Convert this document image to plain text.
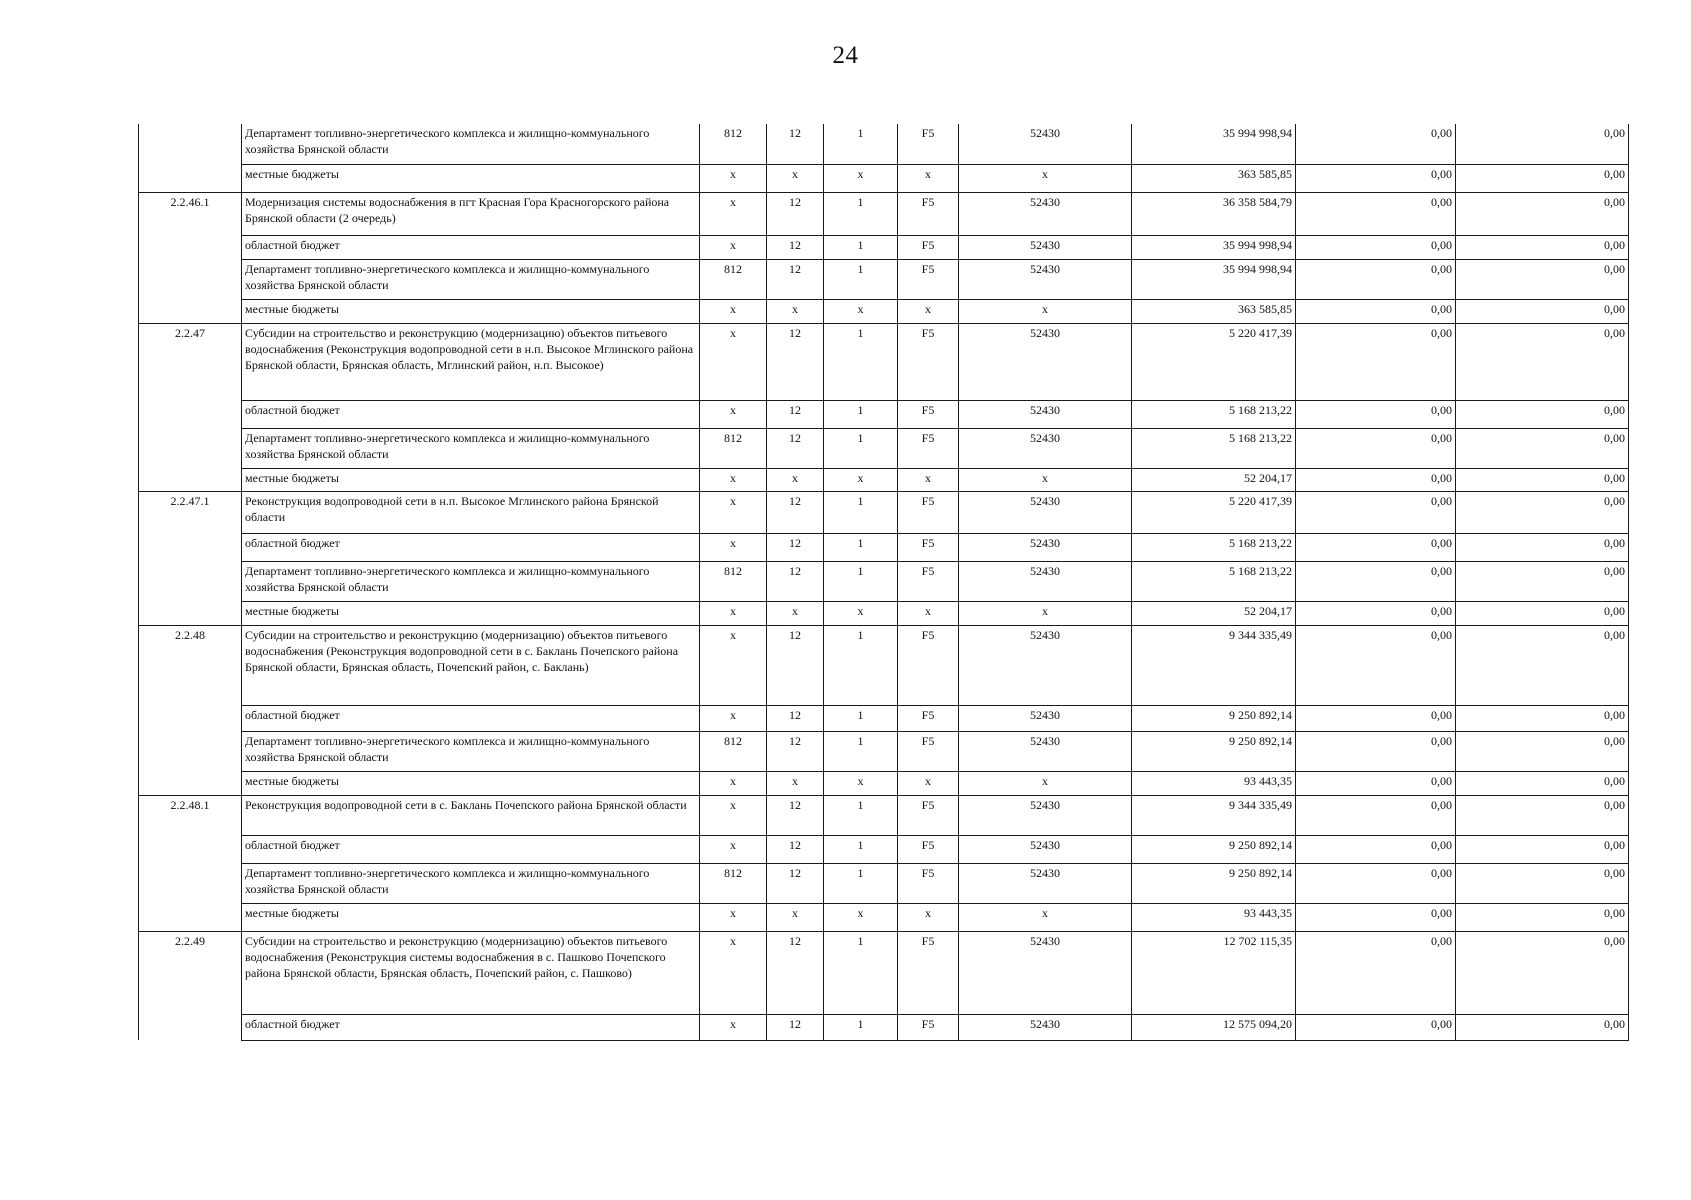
24
	Департамент топливно-энергетического комплекса и жилищно-коммунального хозяйства Брянской области	812	12	1	F5	52430	35 994 998,94	0,00	0,00
	местные бюджеты	х	х	х	х	х	363 585,85	0,00	0,00
2.2.46.1	Модернизация системы водоснабжения в пгт Красная Гора Красногорского района Брянской области (2 очередь)	х	12	1	F5	52430	36 358 584,79	0,00	0,00
	областной бюджет	х	12	1	F5	52430	35 994 998,94	0,00	0,00
	Департамент топливно-энергетического комплекса и жилищно-коммунального хозяйства Брянской области	812	12	1	F5	52430	35 994 998,94	0,00	0,00
	местные бюджеты	х	х	х	х	х	363 585,85	0,00	0,00
2.2.47	Субсидии на строительство и реконструкцию (модернизацию) объектов питьевого водоснабжения (Реконструкция водопроводной сети в н.п. Высокое Мглинского района Брянской области, Брянская область, Мглинский район, н.п. Высокое)	х	12	1	F5	52430	5 220 417,39	0,00	0,00
	областной бюджет	х	12	1	F5	52430	5 168 213,22	0,00	0,00
	Департамент топливно-энергетического комплекса и жилищно-коммунального хозяйства Брянской области	812	12	1	F5	52430	5 168 213,22	0,00	0,00
	местные бюджеты	х	х	х	х	х	52 204,17	0,00	0,00
2.2.47.1	Реконструкция водопроводной сети в н.п. Высокое Мглинского района Брянской области	х	12	1	F5	52430	5 220 417,39	0,00	0,00
	областной бюджет	х	12	1	F5	52430	5 168 213,22	0,00	0,00
	Департамент топливно-энергетического комплекса и жилищно-коммунального хозяйства Брянской области	812	12	1	F5	52430	5 168 213,22	0,00	0,00
	местные бюджеты	х	х	х	х	х	52 204,17	0,00	0,00
2.2.48	Субсидии на строительство и реконструкцию (модернизацию) объектов питьевого водоснабжения (Реконструкция водопроводной сети в с. Баклань Почепского района Брянской области, Брянская область, Почепский район, с. Баклань)	х	12	1	F5	52430	9 344 335,49	0,00	0,00
	областной бюджет	х	12	1	F5	52430	9 250 892,14	0,00	0,00
	Департамент топливно-энергетического комплекса и жилищно-коммунального хозяйства Брянской области	812	12	1	F5	52430	9 250 892,14	0,00	0,00
	местные бюджеты	х	х	х	х	х	93 443,35	0,00	0,00
2.2.48.1	Реконструкция водопроводной сети в с. Баклань Почепского района Брянской области	х	12	1	F5	52430	9 344 335,49	0,00	0,00
	областной бюджет	х	12	1	F5	52430	9 250 892,14	0,00	0,00
	Департамент топливно-энергетического комплекса и жилищно-коммунального хозяйства Брянской области	812	12	1	F5	52430	9 250 892,14	0,00	0,00
	местные бюджеты	х	х	х	х	х	93 443,35	0,00	0,00
2.2.49	Субсидии на строительство и реконструкцию (модернизацию) объектов питьевого водоснабжения (Реконструкция системы водоснабжения в с. Пашково Почепского района Брянской области, Брянская область, Почепский район, с. Пашково)	х	12	1	F5	52430	12 702 115,35	0,00	0,00
	областной бюджет	х	12	1	F5	52430	12 575 094,20	0,00	0,00
